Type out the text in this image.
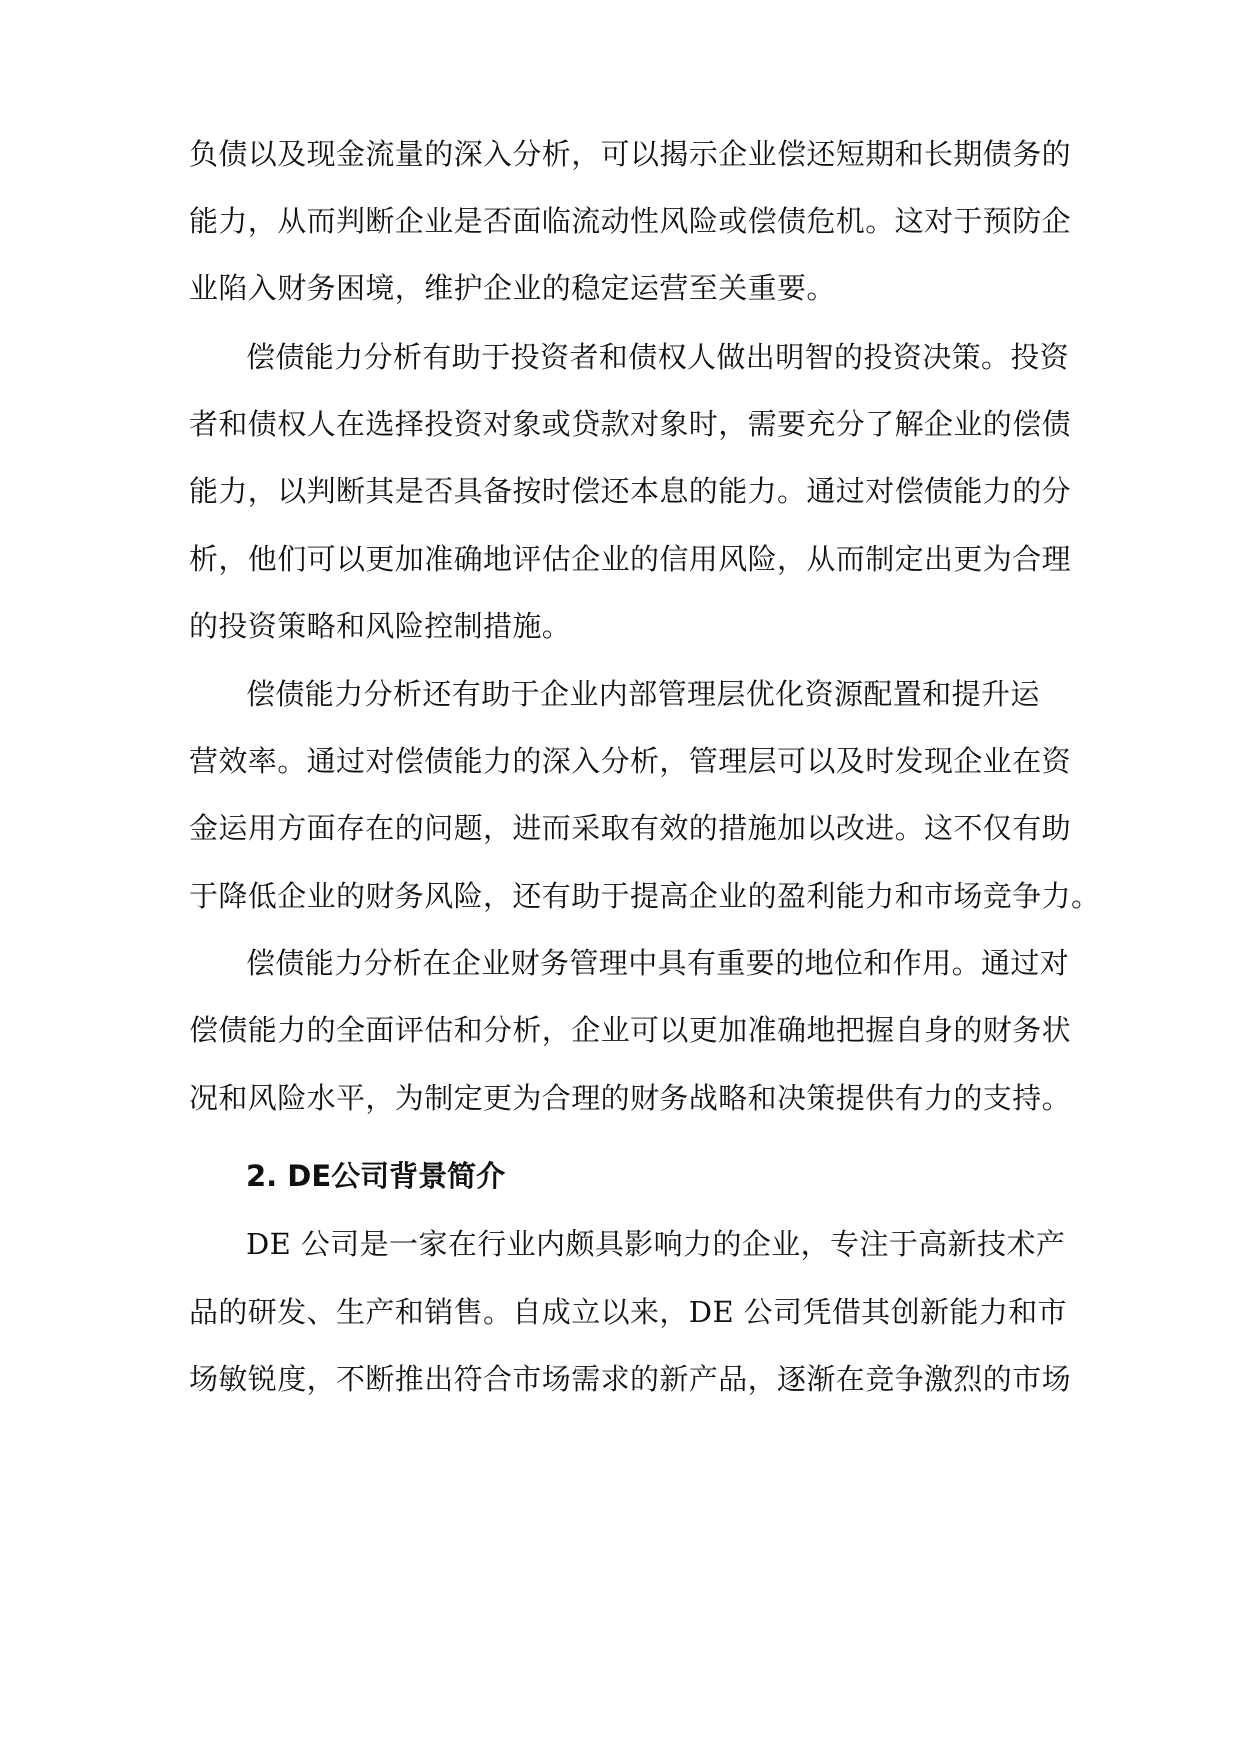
负债以及现金流量的深入分析，可以揭示企业偿还短期和长期债务的
能力，从而判断企业是否面临流动性风险或偿债危机。这对于预防企
业陷入财务困境，维护企业的稳定运营至关重要。
偿债能力分析有助于投资者和债权人做出明智的投资决策。投资
者和债权人在选择投资对象或贷款对象时，需要充分了解企业的偿债
能力，以判断其是否具备按时偿还本息的能力。通过对偿债能力的分
析，他们可以更加准确地评估企业的信用风险，从而制定出更为合理
的投资策略和风险控制措施。
偿债能力分析还有助于企业内部管理层优化资源配置和提升运
营效率。通过对偿债能力的深入分析，管理层可以及时发现企业在资
金运用方面存在的问题，进而采取有效的措施加以改进。这不仅有助
于降低企业的财务风险，还有助于提高企业的盈利能力和市场竞争力。
偿债能力分析在企业财务管理中具有重要的地位和作用。通过对
偿债能力的全面评估和分析，企业可以更加准确地把握自身的财务状
况和风险水平，为制定更为合理的财务战略和决策提供有力的支持。
2. DE公司背景简介
DE 公司是一家在行业内颇具影响力的企业，专注于高新技术产
品的研发、生产和销售。自成立以来，DE 公司凭借其创新能力和市
场敏锐度，不断推出符合市场需求的新产品，逐渐在竞争激烈的市场
